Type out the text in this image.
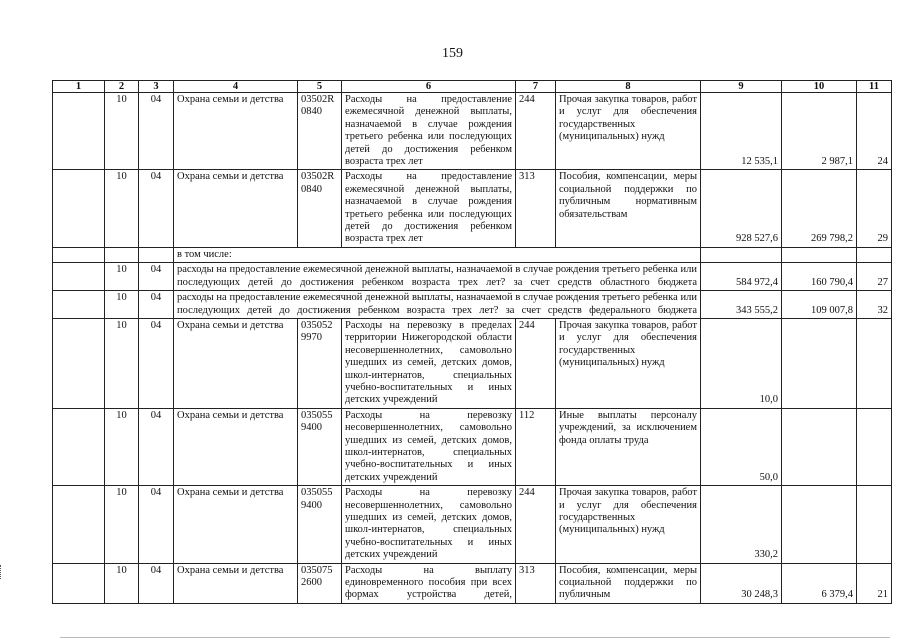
159
1	2	3	4	5	6	7	8	9	10	11
	10	04	Охрана семьи и детства	03502R 0840	Расходы на предоставление ежемесячной денежной выплаты, назначаемой в случае рождения третьего ребенка или последующих детей до достижения ребенком возраста трех лет	244	Прочая закупка товаров, работ и услуг для обеспечения государственных (муниципальных) нужд	12 535,1	2 987,1	24
	10	04	Охрана семьи и детства	03502R 0840	Расходы на предоставление ежемесячной денежной выплаты, назначаемой в случае рождения третьего ребенка или последующих детей до достижения ребенком возраста трех лет	313	Пособия, компенсации, меры социальной поддержки по публичным нормативным обязательствам	928 527,6	269 798,2	29
			в том числе:							
	10	04	расходы на предоставление ежемесячной денежной выплаты, назначаемой в случае рождения третьего ребенка или последующих детей до достижения ребенком возраста трех лет? за счет средств областного бюджета					584 972,4	160 790,4	27
	10	04	расходы на предоставление ежемесячной денежной выплаты, назначаемой в случае рождения третьего ребенка или последующих детей до достижения ребенком возраста трех лет? за счет средств федерального бюджета					343 555,2	109 007,8	32
	10	04	Охрана семьи и детства	035052 9970	Расходы на перевозку в пределах территории Нижегородской области несовершеннолетних, самовольно ушедших из семей, детских домов, школ-интернатов, специальных учебно-воспитательных и иных детских учреждений	244	Прочая закупка товаров, работ и услуг для обеспечения государственных (муниципальных) нужд	10,0		
	10	04	Охрана семьи и детства	035055 9400	Расходы на перевозку несовершеннолетних, самовольно ушедших из семей, детских домов, школ-интернатов, специальных учебно-воспитательных и иных детских учреждений	112	Иные выплаты персоналу учреждений, за исключением фонда оплаты труда	50,0		
	10	04	Охрана семьи и детства	035055 9400	Расходы на перевозку несовершеннолетних, самовольно ушедших из семей, детских домов, школ-интернатов, специальных учебно-воспитательных и иных детских учреждений	244	Прочая закупка товаров, работ и услуг для обеспечения государственных (муниципальных) нужд	330,2		
	10	04	Охрана семьи и детства	035075 2600	Расходы на выплату единовременного пособия при всех формах устройства детей,	313	Пособия, компенсации, меры социальной поддержки по публичным	30 248,3	6 379,4	21
